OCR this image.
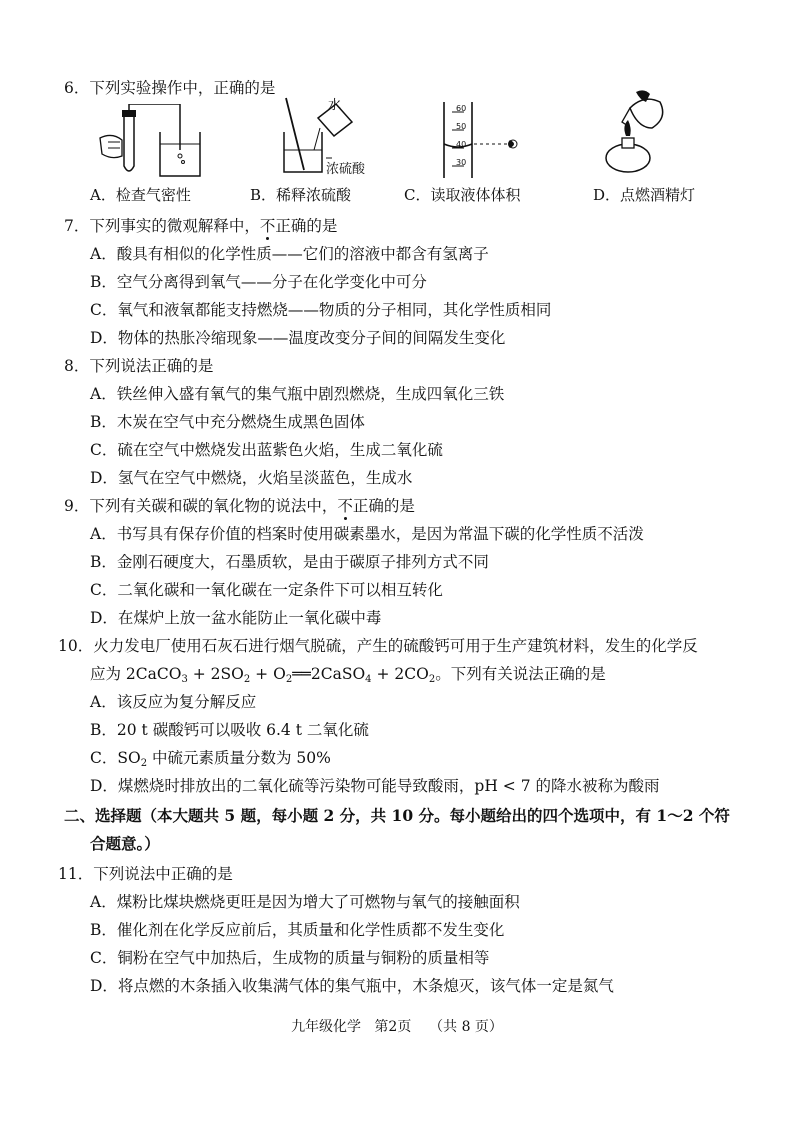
6．下列实验操作中，正确的是
A．检查气密性
水
浓硫酸
B．稀释浓硫酸
60
50
40
30
C．读取液体体积	D．点燃酒精灯
7．下列事实的微观解释中，不正确的是
A．酸具有相似的化学性质——它们的溶液中都含有氢离子
B．空气分离得到氧气——分子在化学变化中可分
C．氧气和液氧都能支持燃烧——物质的分子相同，其化学性质相同
D．物体的热胀冷缩现象——温度改变分子间的间隔发生变化
8．下列说法正确的是
A．铁丝伸入盛有氧气的集气瓶中剧烈燃烧，生成四氧化三铁
B．木炭在空气中充分燃烧生成黑色固体
C．硫在空气中燃烧发出蓝紫色火焰，生成二氧化硫
D．氢气在空气中燃烧，火焰呈淡蓝色，生成水
9．下列有关碳和碳的氧化物的说法中，不正确的是
A．书写具有保存价值的档案时使用碳素墨水，是因为常温下碳的化学性质不活泼
B．金刚石硬度大，石墨质软，是由于碳原子排列方式不同
C．二氧化碳和一氧化碳在一定条件下可以相互转化
D．在煤炉上放一盆水能防止一氧化碳中毒
10．火力发电厂使用石灰石进行烟气脱硫，产生的硫酸钙可用于生产建筑材料，发生的化学反
应为 2CaCO$_3$ + $2SO_2$ + $O_2══2CaSO_4 + 2CO_2$。下列有关说法正确的是
A．该反应为复分解反应
B．20 t 碳酸钙可以吸收 6.4 t 二氧化硫
C．$SO_2$ 中硫元素质量分数为 50%
D．煤燃烧时排放出的二氧化硫等污染物可能导致酸雨，pH < 7 的降水被称为酸雨
二、选择题（本大题共 5 题，每小题 2 分，共 10 分。每小题给出的四个选项中，有 1～2 个符
合题意。）
11．下列说法中正确的是
A．煤粉比煤块燃烧更旺是因为增大了可燃物与氧气的接触面积
B．催化剂在化学反应前后，其质量和化学性质都不发生变化
C．铜粉在空气中加热后，生成物的质量与铜粉的质量相等
D．将点燃的木条插入收集满气体的集气瓶中，木条熄灭，该气体一定是氮气
九年级化学   第2页    （共 8 页）
